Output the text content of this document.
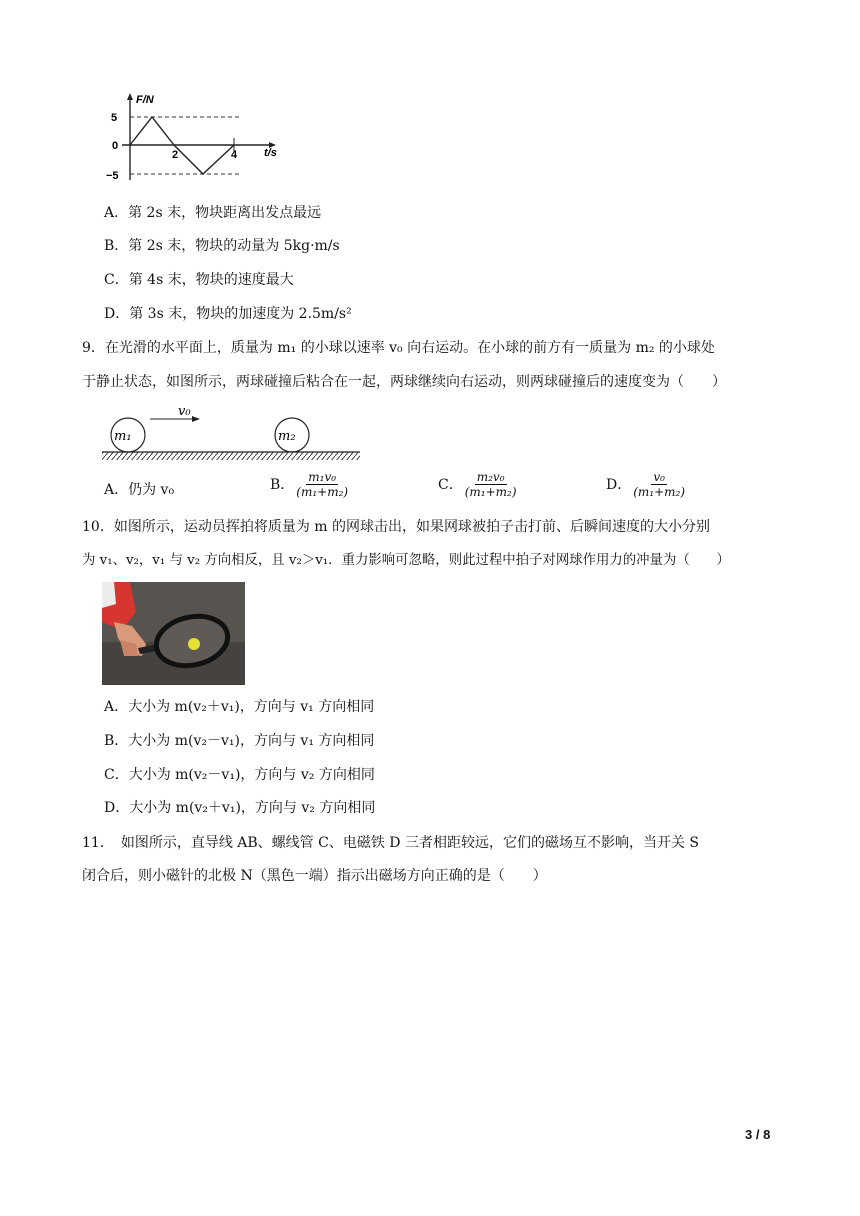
F/N
t/s
5
0
−5
2	4
A．第 2s 末，物块距离出发点最远
B．第 2s 末，物块的动量为 5kg·m/s
C．第 4s 末，物块的速度最大
D．第 3s 末，物块的加速度为 2.5m/s²
9．在光滑的水平面上，质量为 m₁ 的小球以速率 v₀ 向右运动。在小球的前方有一质量为 m₂ 的小球处
于静止状态，如图所示，两球碰撞后粘合在一起，两球继续向右运动，则两球碰撞后的速度变为（　　）
v₀
m₁	m₂
A．仍为 v₀	B． $\frac{\text{m₁v₀}}{\text{(m₁+m₂)}}$	C． $\frac{\text{m₂v₀}}{\text{(m₁+m₂)}}$	D． $\frac{\text{v₀}}{\text{(m₁+m₂)}}$
10．如图所示，运动员挥拍将质量为 m 的网球击出，如果网球被拍子击打前、后瞬间速度的大小分别
为 v₁、v₂，v₁ 与 v₂ 方向相反，且 v₂＞v₁．重力影响可忽略，则此过程中拍子对网球作用力的冲量为（　　）
A．大小为 m(v₂＋v₁)，方向与 v₁ 方向相同
B．大小为 m(v₂－v₁)，方向与 v₁ 方向相同
C．大小为 m(v₂－v₁)，方向与 v₂ 方向相同
D．大小为 m(v₂＋v₁)，方向与 v₂ 方向相同
11．　如图所示，直导线 AB、螺线管 C、电磁铁 D 三者相距较远，它们的磁场互不影响，当开关 S
闭合后，则小磁针的北极 N（黑色一端）指示出磁场方向正确的是（　　）
3 / 8
